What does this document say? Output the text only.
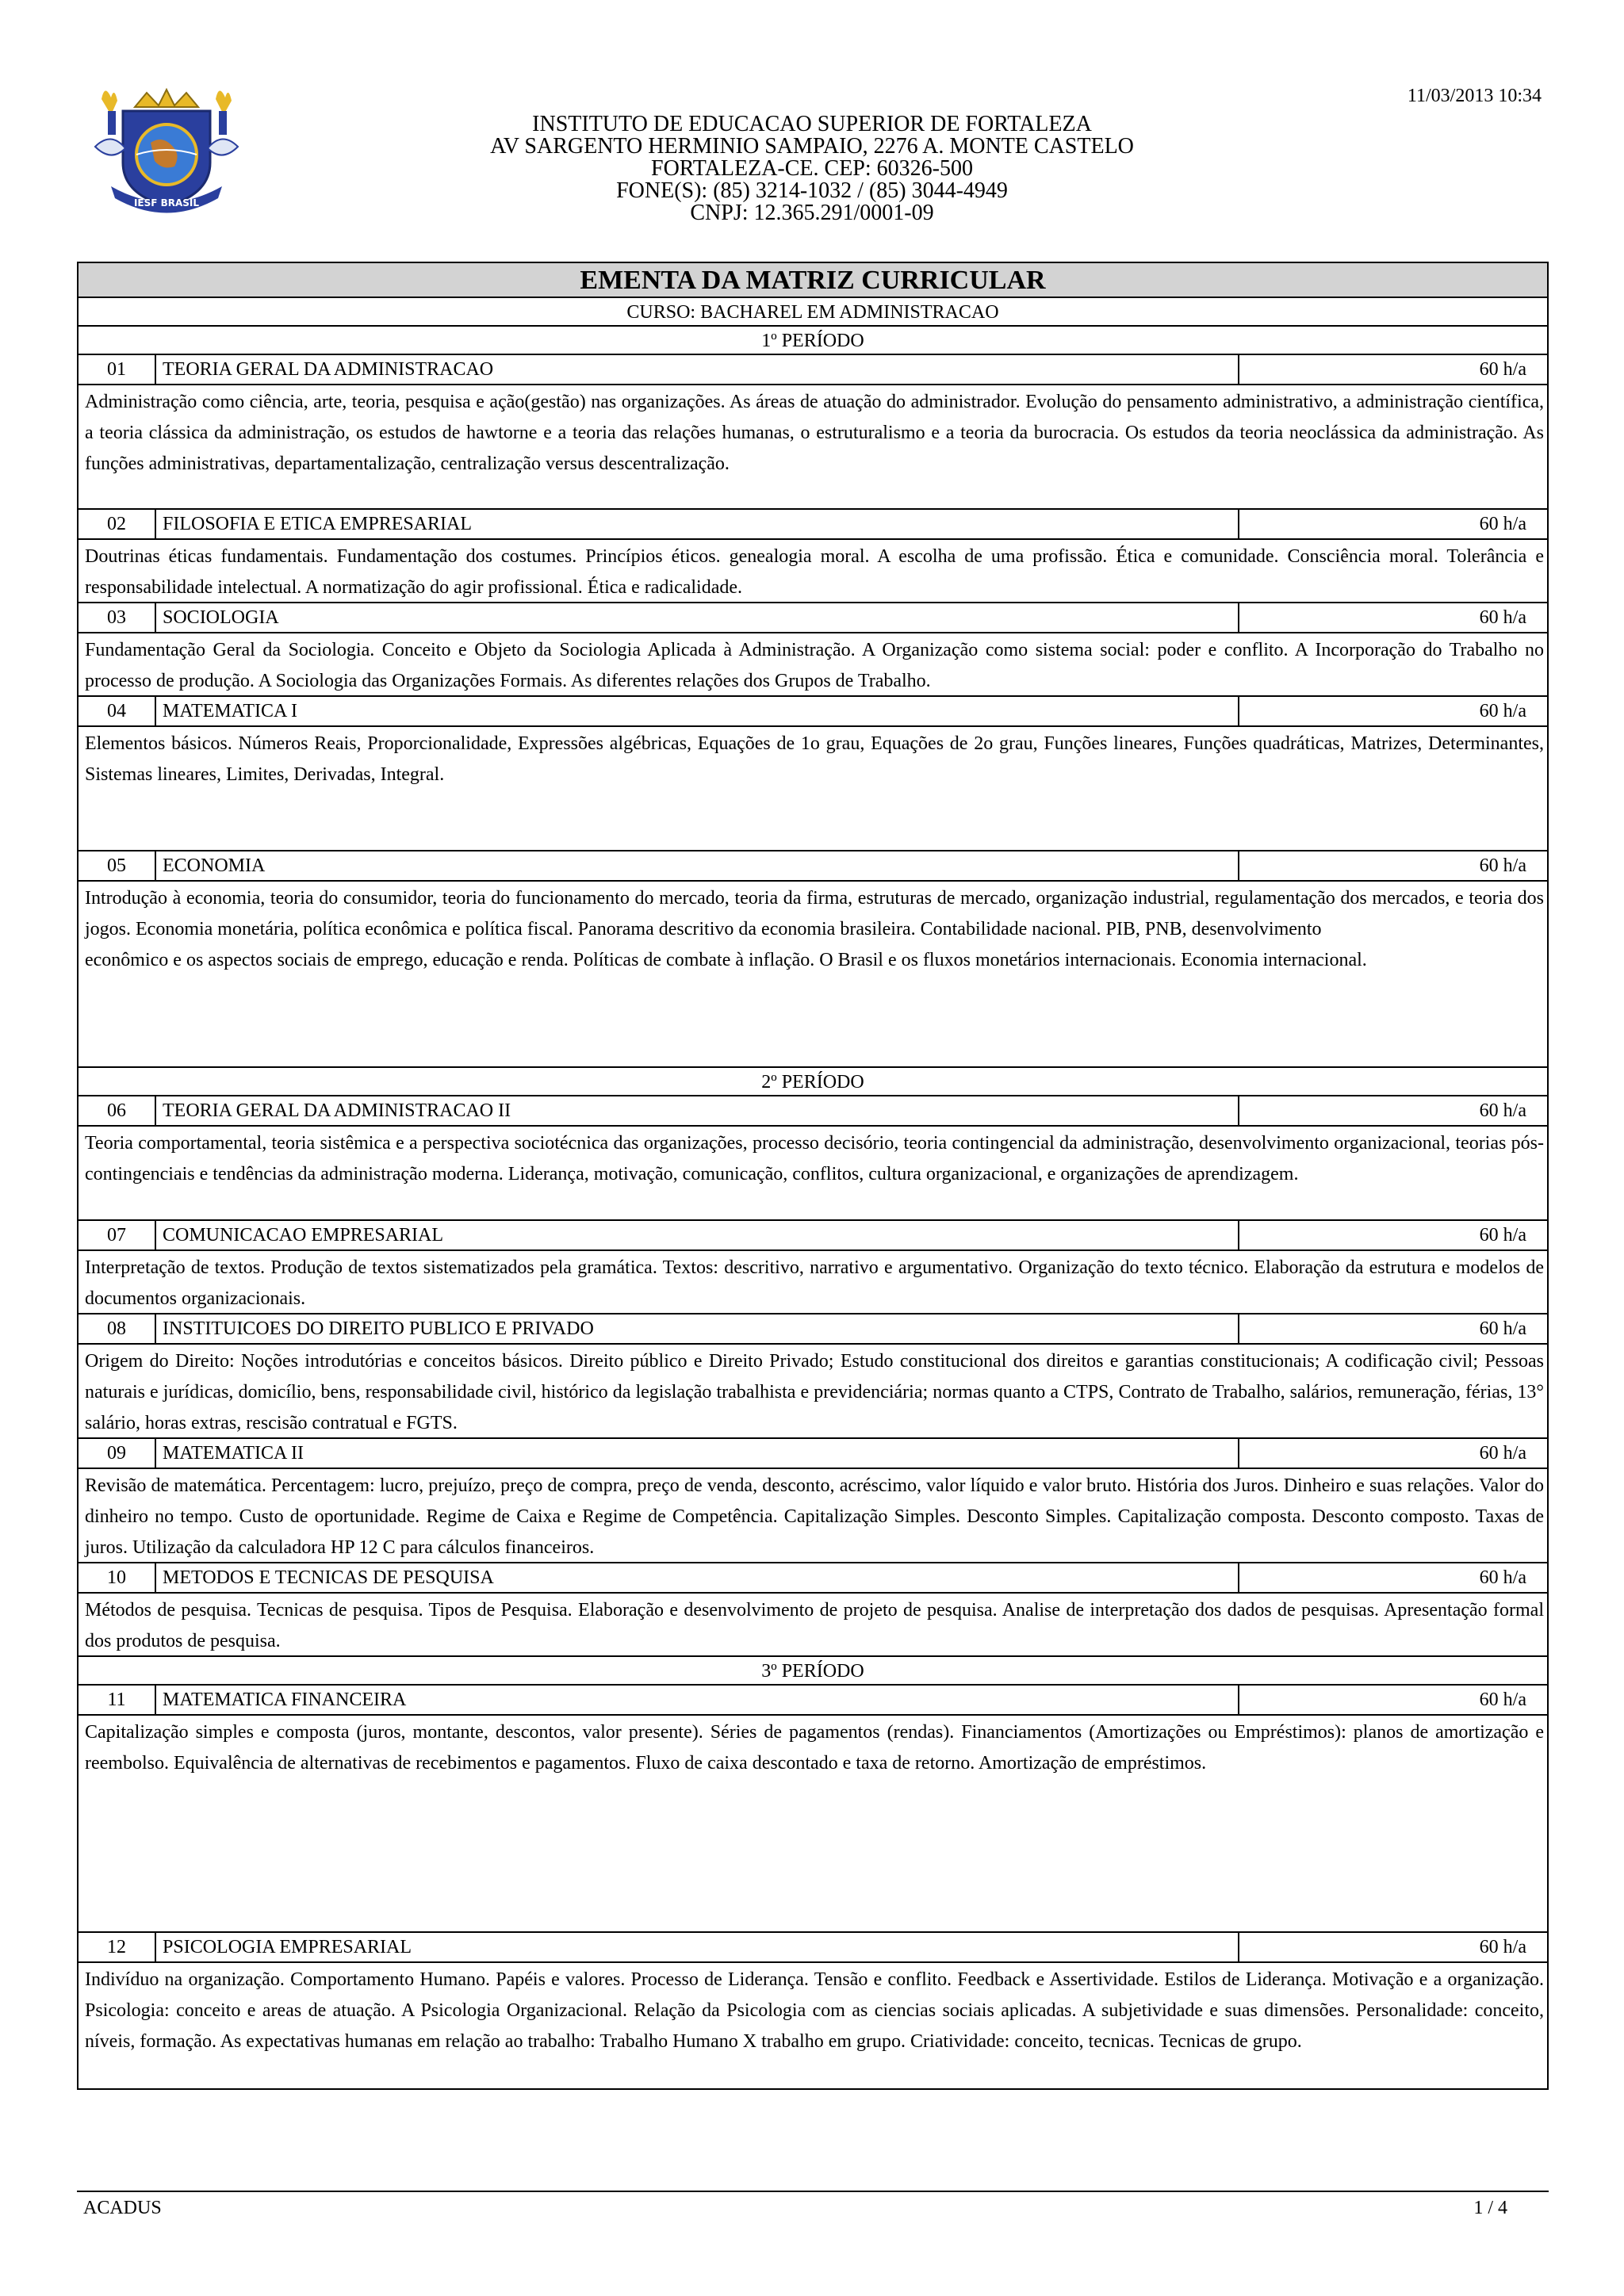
IESF BRASIL
11/03/2013 10:34
INSTITUTO DE EDUCACAO SUPERIOR DE FORTALEZA
AV SARGENTO HERMINIO SAMPAIO, 2276 A. MONTE CASTELO
FORTALEZA-CE. CEP: 60326-500
FONE(S): (85) 3214-1032 / (85) 3044-4949
CNPJ: 12.365.291/0001-09
EMENTA DA MATRIZ CURRICULAR
CURSO: BACHAREL EM ADMINISTRACAO
1º PERÍODO
01	TEORIA GERAL DA ADMINISTRACAO	60 h/a
Administração como ciência, arte, teoria, pesquisa e ação(gestão) nas organizações. As áreas de atuação do administrador. Evolução do pensamento administrativo, a administração científica, a teoria clássica da administração, os estudos de hawtorne e a teoria das relações humanas, o estruturalismo e a teoria da burocracia. Os estudos da teoria neoclássica da administração. As funções administrativas, departamentalização, centralização versus descentralização.
02	FILOSOFIA E ETICA EMPRESARIAL	60 h/a
Doutrinas éticas fundamentais. Fundamentação dos costumes. Princípios éticos. genealogia moral. A escolha de uma profissão. Ética e comunidade. Consciência moral. Tolerância e responsabilidade intelectual. A normatização do agir profissional. Ética e radicalidade.
03	SOCIOLOGIA	60 h/a
Fundamentação Geral da Sociologia. Conceito e Objeto da Sociologia Aplicada à Administração. A Organização como sistema social: poder e conflito. A Incorporação do Trabalho no processo de produção. A Sociologia das Organizações Formais. As diferentes relações dos Grupos de Trabalho.
04	MATEMATICA I	60 h/a
Elementos básicos. Números Reais, Proporcionalidade, Expressões algébricas, Equações de 1o grau, Equações de 2o grau, Funções lineares, Funções quadráticas, Matrizes, Determinantes, Sistemas lineares, Limites, Derivadas, Integral.
05	ECONOMIA	60 h/a
Introdução à economia, teoria do consumidor, teoria do funcionamento do mercado, teoria da firma, estruturas de mercado, organização industrial, regulamentação dos mercados, e teoria dos jogos. Economia monetária, política econômica e política fiscal. Panorama descritivo da economia brasileira. Contabilidade nacional. PIB, PNB, desenvolvimento
econômico e os aspectos sociais de emprego, educação e renda. Políticas de combate à inflação. O Brasil e os fluxos monetários internacionais. Economia internacional.
2º PERÍODO
06	TEORIA GERAL DA ADMINISTRACAO II	60 h/a
Teoria comportamental, teoria sistêmica e a perspectiva sociotécnica das organizações, processo decisório, teoria contingencial da administração, desenvolvimento organizacional, teorias pós-contingenciais e tendências da administração moderna. Liderança, motivação, comunicação, conflitos, cultura organizacional, e organizações de aprendizagem.
07	COMUNICACAO EMPRESARIAL	60 h/a
Interpretação de textos. Produção de textos sistematizados pela gramática. Textos: descritivo, narrativo e argumentativo. Organização do texto técnico. Elaboração da estrutura e modelos de documentos organizacionais.
08	INSTITUICOES DO DIREITO PUBLICO E PRIVADO	60 h/a
Origem do Direito: Noções introdutórias e conceitos básicos. Direito público e Direito Privado; Estudo constitucional dos direitos e garantias constitucionais; A codificação civil; Pessoas naturais e jurídicas, domicílio, bens, responsabilidade civil, histórico da legislação trabalhista e previdenciária; normas quanto a CTPS, Contrato de Trabalho, salários, remuneração, férias, 13° salário, horas extras, rescisão contratual e FGTS.
09	MATEMATICA II	60 h/a
Revisão de matemática. Percentagem: lucro, prejuízo, preço de compra, preço de venda, desconto, acréscimo, valor líquido e valor bruto. História dos Juros. Dinheiro e suas relações. Valor do dinheiro no tempo. Custo de oportunidade. Regime de Caixa e Regime de Competência. Capitalização Simples. Desconto Simples. Capitalização composta. Desconto composto. Taxas de juros. Utilização da calculadora HP 12 C para cálculos financeiros.
10	METODOS E TECNICAS DE PESQUISA	60 h/a
Métodos de pesquisa. Tecnicas de pesquisa. Tipos de Pesquisa. Elaboração e desenvolvimento de projeto de pesquisa. Analise de interpretação dos dados de pesquisas. Apresentação formal dos produtos de pesquisa.
3º PERÍODO
11	MATEMATICA FINANCEIRA	60 h/a
Capitalização simples e composta (juros, montante, descontos, valor presente). Séries de pagamentos (rendas). Financiamentos (Amortizações ou Empréstimos): planos de amortização e reembolso. Equivalência de alternativas de recebimentos e pagamentos. Fluxo de caixa descontado e taxa de retorno. Amortização de empréstimos.
12	PSICOLOGIA EMPRESARIAL	60 h/a
Indivíduo na organização. Comportamento Humano. Papéis e valores. Processo de Liderança. Tensão e conflito. Feedback e Assertividade. Estilos de Liderança. Motivação e a organização. Psicologia: conceito e areas de atuação. A Psicologia Organizacional. Relação da Psicologia com as ciencias sociais aplicadas. A subjetividade e suas dimensões. Personalidade: conceito, níveis, formação. As expectativas humanas em relação ao trabalho: Trabalho Humano X trabalho em grupo. Criatividade: conceito, tecnicas. Tecnicas de grupo.
ACADUS	1 / 4
